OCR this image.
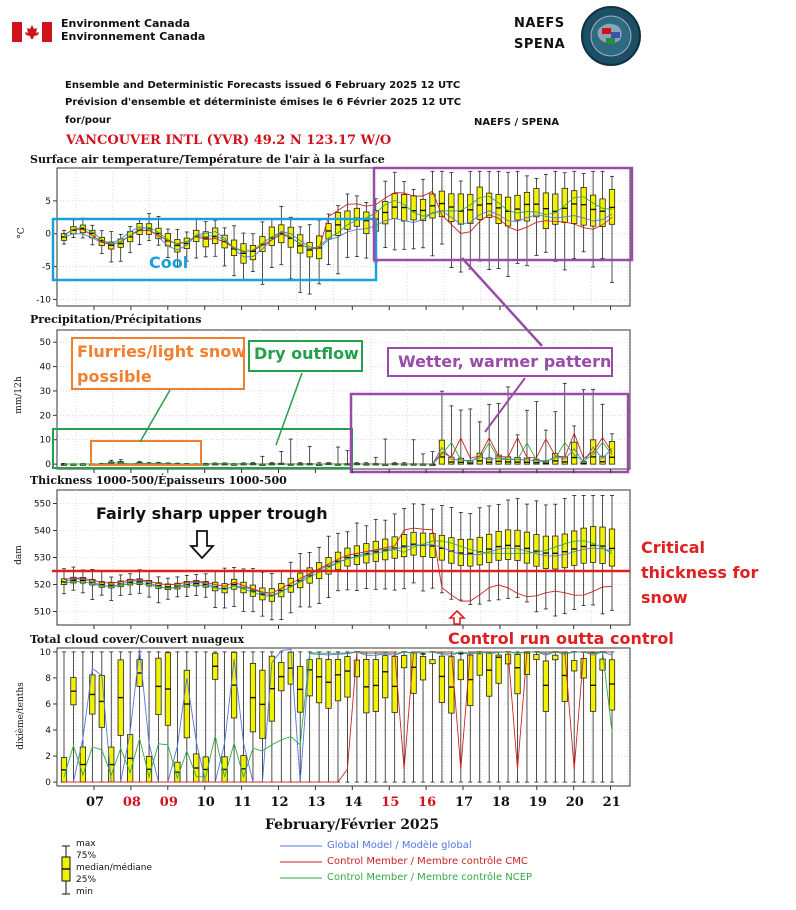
Environment Canada
Environnement Canada
NAEFS
SPENA
Ensemble and Deterministic Forecasts issued 6 February 2025 12 UTC
Prévision d'ensemble et déterministe émises le 6 Février 2025 12 UTC
for/pour	NAEFS / SPENA
VANCOUVER INTL (YVR) 49.2 N 123.17 W/O
Surface air temperature/Température de l'air à la surface
Precipitation/Précipitations
Thickness 1000-500/Épaisseurs 1000-500
Total cloud cover/Couvert nuageux
°C
mm/12h
dam
dixième/tenths
-10
-5
0
5
0
10
20
30
40
50
510
520
530
540
550
0
2
4
6
8
10
07 08 09 10 11 12 13 14 15 16 17 18 19 20 21
February/Février 2025
max
75%
median/médiane
25%
min
Global Model / Modèle global
Control Member / Membre contrôle CMC
Control Member / Membre contrôle NCEP
Cool
Flurries/light snow
possible
Dry outflow Wetter, warmer pattern
Fairly sharp upper trough
Critical
thickness for
snow
Control run outta control
